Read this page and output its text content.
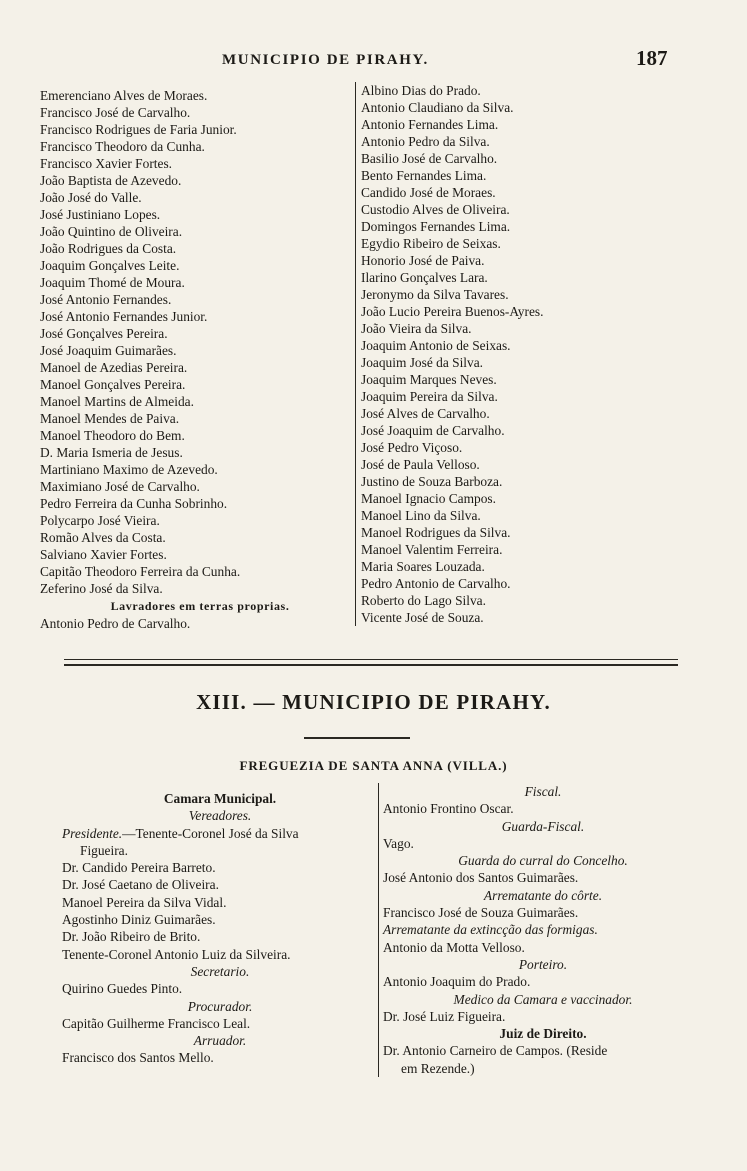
MUNICIPIO DE PIRAHY.	187
Emerenciano Alves de Moraes.
Francisco José de Carvalho.
Francisco Rodrigues de Faria Junior.
Francisco Theodoro da Cunha.
Francisco Xavier Fortes.
João Baptista de Azevedo.
João José do Valle.
José Justiniano Lopes.
João Quintino de Oliveira.
João Rodrigues da Costa.
Joaquim Gonçalves Leite.
Joaquim Thomé de Moura.
José Antonio Fernandes.
José Antonio Fernandes Junior.
José Gonçalves Pereira.
José Joaquim Guimarães.
Manoel de Azedias Pereira.
Manoel Gonçalves Pereira.
Manoel Martins de Almeida.
Manoel Mendes de Paiva.
Manoel Theodoro do Bem.
D. Maria Ismeria de Jesus.
Martiniano Maximo de Azevedo.
Maximiano José de Carvalho.
Pedro Ferreira da Cunha Sobrinho.
Polycarpo José Vieira.
Romão Alves da Costa.
Salviano Xavier Fortes.
Capitão Theodoro Ferreira da Cunha.
Zeferino José da Silva.
Lavradores em terras proprias.
Antonio Pedro de Carvalho.
Albino Dias do Prado.
Antonio Claudiano da Silva.
Antonio Fernandes Lima.
Antonio Pedro da Silva.
Basilio José de Carvalho.
Bento Fernandes Lima.
Candido José de Moraes.
Custodio Alves de Oliveira.
Domingos Fernandes Lima.
Egydio Ribeiro de Seixas.
Honorio José de Paiva.
Ilarino Gonçalves Lara.
Jeronymo da Silva Tavares.
João Lucio Pereira Buenos-Ayres.
João Vieira da Silva.
Joaquim Antonio de Seixas.
Joaquim José da Silva.
Joaquim Marques Neves.
Joaquim Pereira da Silva.
José Alves de Carvalho.
José Joaquim de Carvalho.
José Pedro Viçoso.
José de Paula Velloso.
Justino de Souza Barboza.
Manoel Ignacio Campos.
Manoel Lino da Silva.
Manoel Rodrigues da Silva.
Manoel Valentim Ferreira.
Maria Soares Louzada.
Pedro Antonio de Carvalho.
Roberto do Lago Silva.
Vicente José de Souza.
XIII. — MUNICIPIO DE PIRAHY.
FREGUEZIA DE SANTA ANNA (VILLA.)
Camara Municipal.
Vereadores.
Presidente.—Tenente-Coronel José da Silva
Figueira.
Dr. Candido Pereira Barreto.
Dr. José Caetano de Oliveira.
Manoel Pereira da Silva Vidal.
Agostinho Diniz Guimarães.
Dr. João Ribeiro de Brito.
Tenente-Coronel Antonio Luiz da Silveira.
Secretario.
Quirino Guedes Pinto.
Procurador.
Capitão Guilherme Francisco Leal.
Arruador.
Francisco dos Santos Mello.
Fiscal.
Antonio Frontino Oscar.
Guarda-Fiscal.
Vago.
Guarda do curral do Concelho.
José Antonio dos Santos Guimarães.
Arrematante do côrte.
Francisco José de Souza Guimarães.
Arrematante da extincção das formigas.
Antonio da Motta Velloso.
Porteiro.
Antonio Joaquim do Prado.
Medico da Camara e vaccinador.
Dr. José Luiz Figueira.
Juiz de Direito.
Dr. Antonio Carneiro de Campos. (Reside
em Rezende.)
